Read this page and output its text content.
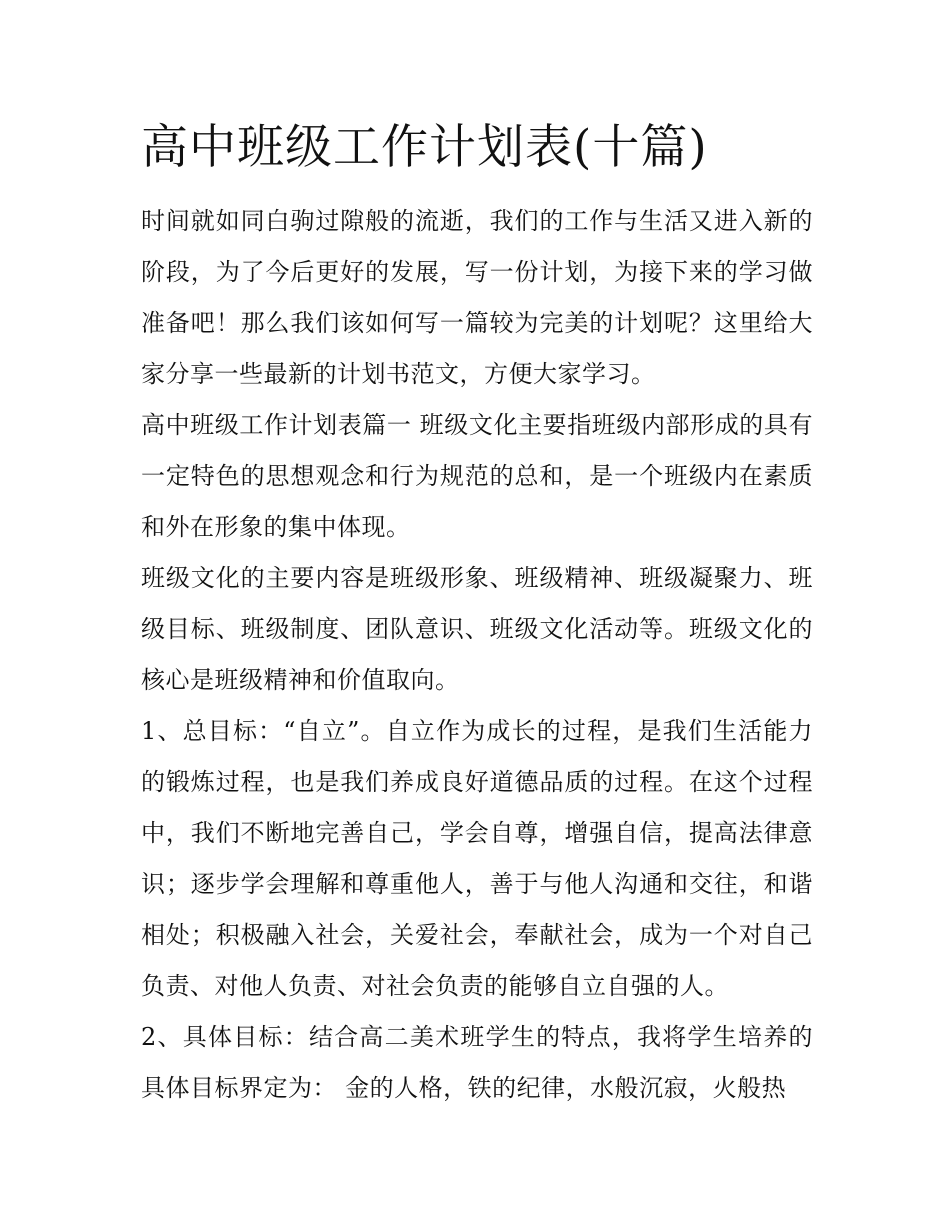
高中班级工作计划表(十篇)

时间就如同白驹过隙般的流逝，我们的工作与生活又进入新的阶段，为了今后更好的发展，写一份计划，为接下来的学习做准备吧！那么我们该如何写一篇较为完美的计划呢？这里给大家分享一些最新的计划书范文，方便大家学习。

高中班级工作计划表篇一 班级文化主要指班级内部形成的具有一定特色的思想观念和行为规范的总和，是一个班级内在素质和外在形象的集中体现。

班级文化的主要内容是班级形象、班级精神、班级凝聚力、班级目标、班级制度、团队意识、班级文化活动等。班级文化的核心是班级精神和价值取向。

1、总目标：“自立”。自立作为成长的过程，是我们生活能力的锻炼过程，也是我们养成良好道德品质的过程。在这个过程中，我们不断地完善自己，学会自尊，增强自信，提高法律意识；逐步学会理解和尊重他人，善于与他人沟通和交往，和谐相处；积极融入社会，关爱社会，奉献社会，成为一个对自己负责、对他人负责、对社会负责的能够自立自强的人。

2、具体目标：结合高二美术班学生的特点，我将学生培养的具体目标界定为： 金的人格，铁的纪律，水般沉寂，火般热
